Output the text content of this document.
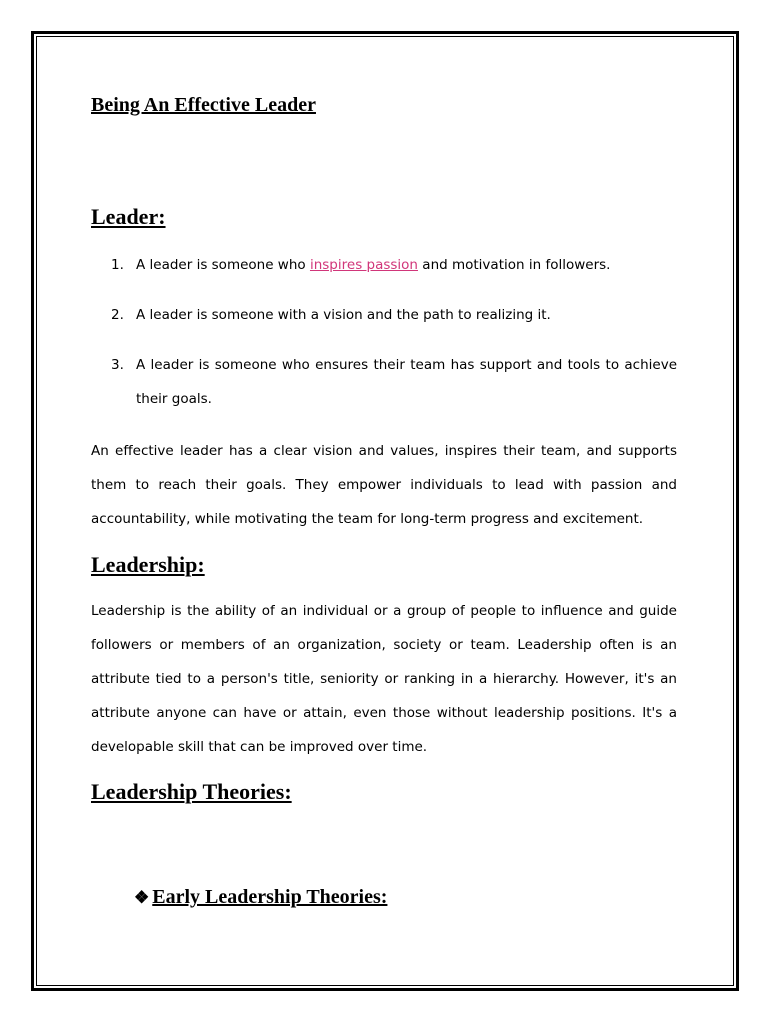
Being An Effective Leader
Leader:
1. A leader is someone who inspires passion and motivation in followers.
2. A leader is someone with a vision and the path to realizing it.
3. A leader is someone who ensures their team has support and tools to achieve their goals.

An effective leader has a clear vision and values, inspires their team, and supports them to reach their goals. They empower individuals to lead with passion and accountability, while motivating the team for long-term progress and excitement.

Leadership:

Leadership is the ability of an individual or a group of people to influence and guide followers or members of an organization, society or team. Leadership often is an attribute tied to a person's title, seniority or ranking in a hierarchy. However, it's an attribute anyone can have or attain, even those without leadership positions. It's a developable skill that can be improved over time.

Leadership Theories:
❖ Early Leadership Theories:
